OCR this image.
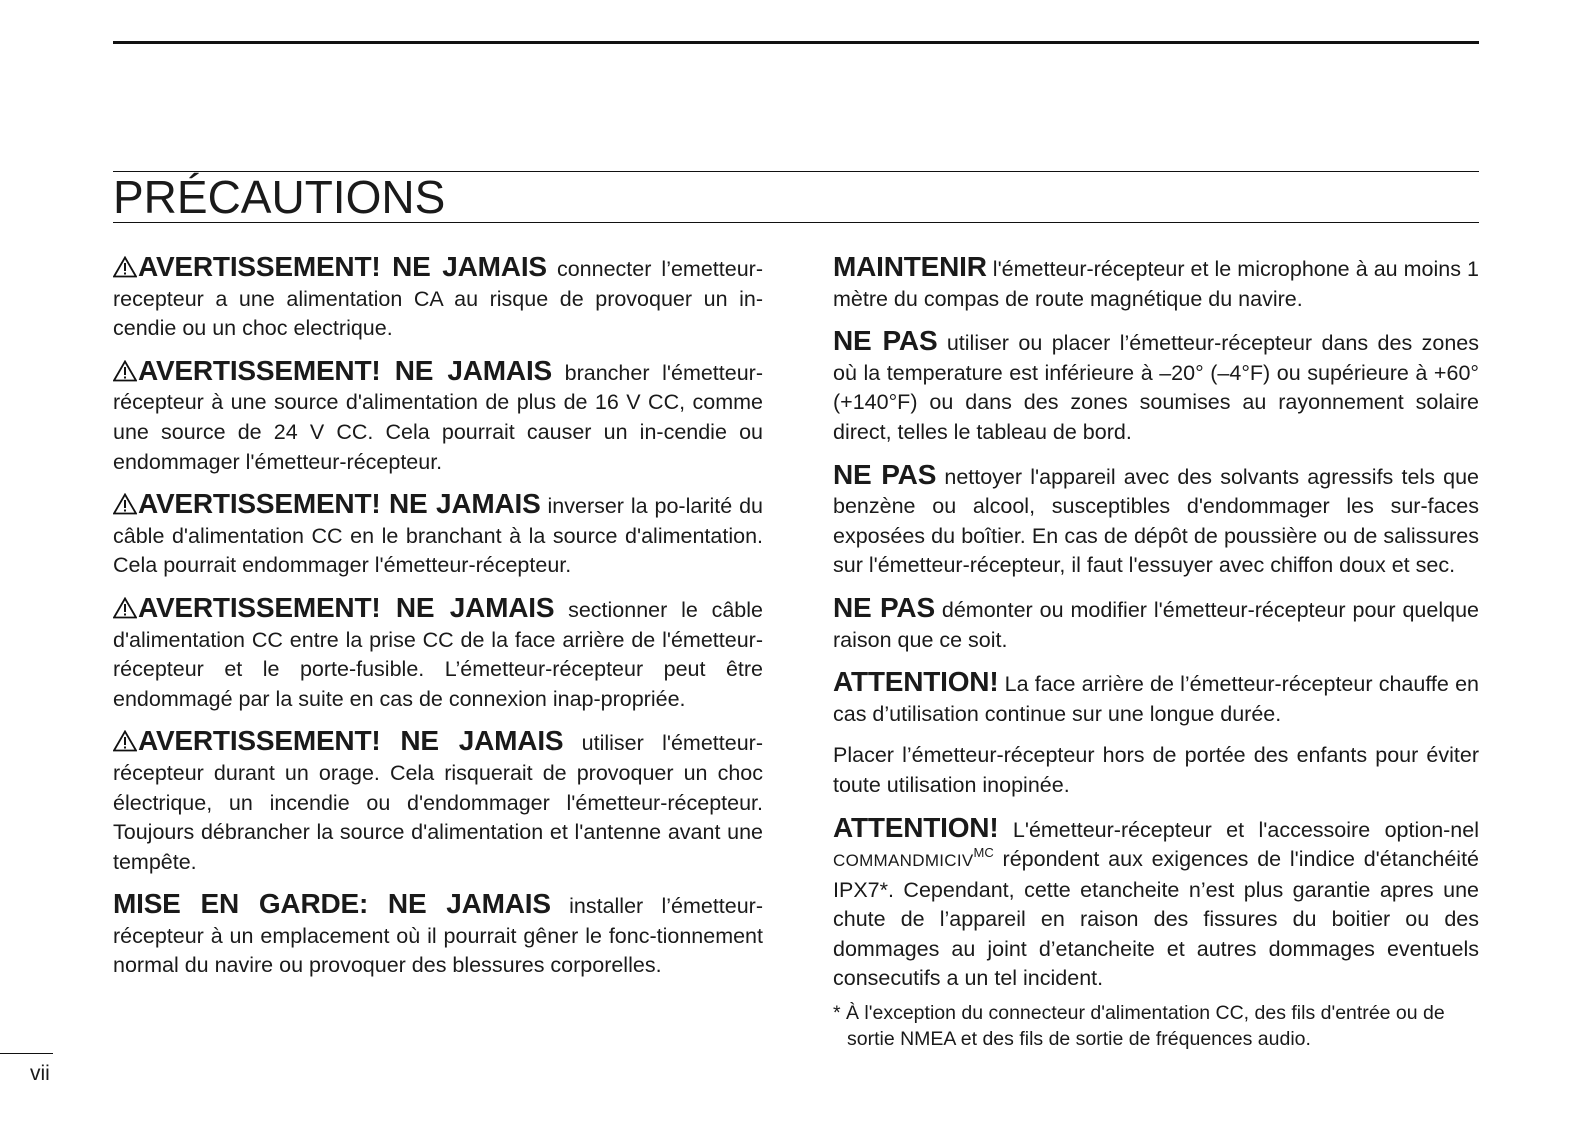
PRÉCAUTIONS

AVERTISSEMENT! NE JAMAIS connecter l’emetteur-recepteur a une alimentation CA au risque de provoquer un in-cendie ou un choc electrique.

AVERTISSEMENT! NE JAMAIS brancher l'émetteur-récepteur à une source d'alimentation de plus de 16 V CC, comme une source de 24 V CC. Cela pourrait causer un in-cendie ou endommager l'émetteur-récepteur.

AVERTISSEMENT! NE JAMAIS inverser la po-larité du câble d'alimentation CC en le branchant à la source d'alimentation. Cela pourrait endommager l'émetteur-récepteur.

AVERTISSEMENT! NE JAMAIS sectionner le câble d'alimentation CC entre la prise CC de la face arrière de l'émetteur-récepteur et le porte-fusible. L’émetteur-récepteur peut être endommagé par la suite en cas de connexion inap-propriée.

AVERTISSEMENT! NE JAMAIS utiliser l'émetteur-récepteur durant un orage. Cela risquerait de provoquer un choc électrique, un incendie ou d'endommager l'émetteur-récepteur. Toujours débrancher la source d'alimentation et l'antenne avant une tempête.

MISE EN GARDE: NE JAMAIS installer l’émetteur-récepteur à un emplacement où il pourrait gêner le fonc-tionnement normal du navire ou provoquer des blessures corporelles.

MAINTENIR l'émetteur-récepteur et le microphone à au moins 1 mètre du compas de route magnétique du navire.

NE PAS utiliser ou placer l’émetteur-récepteur dans des zones où la temperature est inférieure à –20° (–4°F) ou supérieure à +60° (+140°F) ou dans des zones soumises au rayonnement solaire direct, telles le tableau de bord.

NE PAS nettoyer l'appareil avec des solvants agressifs tels que benzène ou alcool, susceptibles d'endommager les sur-faces exposées du boîtier. En cas de dépôt de poussière ou de salissures sur l'émetteur-récepteur, il faut l'essuyer avec chiffon doux et sec.

NE PAS démonter ou modifier l'émetteur-récepteur pour quelque raison que ce soit.

ATTENTION! La face arrière de l’émetteur-récepteur chauffe en cas d’utilisation continue sur une longue durée.

Placer l’émetteur-récepteur hors de portée des enfants pour éviter toute utilisation inopinée.

ATTENTION! L'émetteur-récepteur et l'accessoire option-nel $COMMANDMICIV^{MC}$ répondent aux exigences de l'indice d'étanchéité IPX7*. Cependant, cette etancheite n’est plus garantie apres une chute de l’appareil en raison des fissures du boitier ou des dommages au joint d’etancheite et autres dommages eventuels consecutifs a un tel incident.

* À l'exception du connecteur d'alimentation CC, des fils d'entrée ou de sortie NMEA et des fils de sortie de fréquences audio.

vii
